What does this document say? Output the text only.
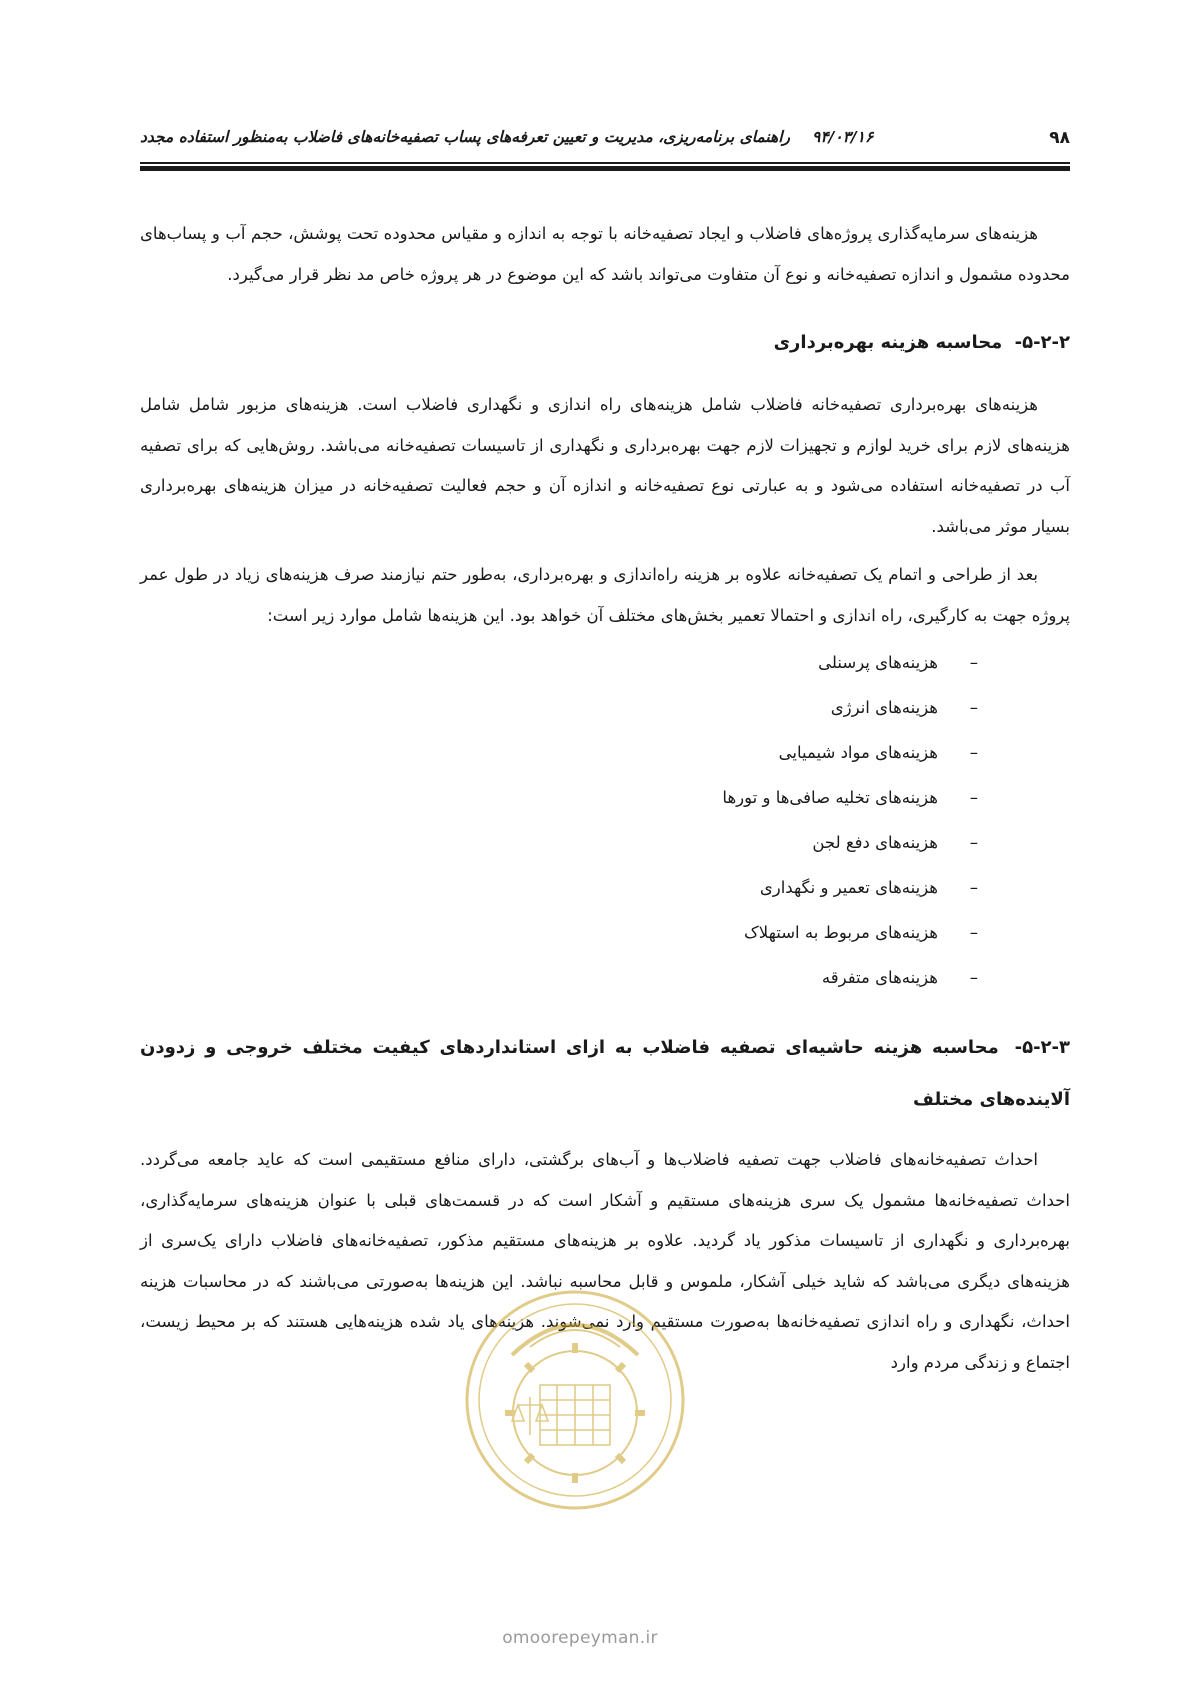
۹۸
۹۴/۰۳/۱۶راهنمای برنامه‌ریزی، مدیریت و تعیین تعرفه‌های پساب تصفیه‌خانه‌های فاضلاب به‌منظور استفاده مجدد

هزینه‌های سرمایه‌گذاری پروژه‌های فاضلاب و ایجاد تصفیه‌خانه با توجه به اندازه و مقیاس محدوده تحت پوشش، حجم آب و پساب‌های محدوده مشمول و اندازه تصفیه‌خانه و نوع آن متفاوت می‌تواند باشد که این موضوع در هر پروژه خاص مد نظر قرار می‌گیرد.

۵-۲-۲- محاسبه هزینه بهره‌برداری

هزینه‌های بهره‌برداری تصفیه‌خانه فاضلاب شامل هزینه‌های راه اندازی و نگهداری فاضلاب است. هزینه‌های مزبور شامل شامل هزینه‌های لازم برای خرید لوازم و تجهیزات لازم جهت بهره‌برداری و نگهداری از تاسیسات تصفیه‌خانه می‌باشد. روش‌هایی که برای تصفیه آب در تصفیه‌خانه استفاده می‌شود و به عبارتی نوع تصفیه‌خانه و اندازه آن و حجم فعالیت تصفیه‌خانه در میزان هزینه‌های بهره‌برداری بسیار موثر می‌باشد.

بعد از طراحی و اتمام یک تصفیه‌خانه علاوه بر هزینه راه‌اندازی و بهره‌برداری، به‌طور حتم نیازمند صرف هزینه‌های زیاد در طول عمر پروژه جهت به کارگیری، راه اندازی و احتمالا تعمیر بخش‌های مختلف آن خواهد بود. این هزینه‌ها شامل موارد زیر است:

–هزینه‌های پرسنلی
–هزینه‌های انرژی
–هزینه‌های مواد شیمیایی
–هزینه‌های تخلیه صافی‌ها و تورها
–هزینه‌های دفع لجن
–هزینه‌های تعمیر و نگهداری
–هزینه‌های مربوط به استهلاک
–هزینه‌های متفرقه
۵-۲-۳- محاسبه هزینه حاشیه‌ای تصفیه فاضلاب به ازای استانداردهای کیفیت مختلف خروجی و زدودن آلاینده‌های مختلف

احداث تصفیه‌خانه‌های فاضلاب جهت تصفیه فاضلاب‌ها و آب‌های برگشتی، دارای منافع مستقیمی است که عاید جامعه می‌گردد. احداث تصفیه‌خانه‌ها مشمول یک سری هزینه‌های مستقیم و آشکار است که در قسمت‌های قبلی با عنوان هزینه‌های سرمایه‌گذاری، بهره‌برداری و نگهداری از تاسیسات مذکور یاد گردید. علاوه بر هزینه‌های مستقیم مذکور، تصفیه‌خانه‌های فاضلاب دارای یک‌سری از هزینه‌های دیگری می‌باشد که شاید خیلی آشکار، ملموس و قابل محاسبه نباشد. این هزینه‌ها به‌صورتی می‌باشند که در محاسبات هزینه احداث، نگهداری و راه اندازی تصفیه‌خانه‌ها به‌صورت مستقیم وارد نمی‌شوند. هزینه‌های یاد شده هزینه‌هایی هستند که بر محیط زیست، اجتماع و زندگی مردم وارد

omoorepeyman.ir
